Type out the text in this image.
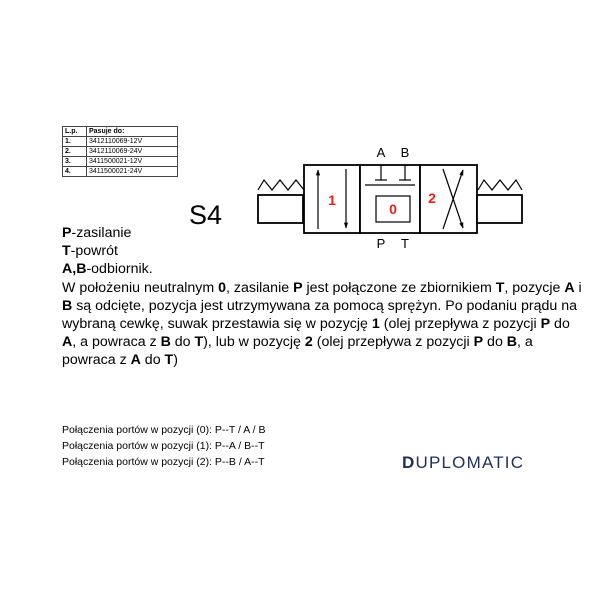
L.p.	Pasuje do:
1.	3412110069-12V
2.	3412110069-24V
3.	3411500021-12V
4.	3411500021-24V
1
0
2
A B
P T
S4

P-zasilanie

T-powrót

A,B-odbiornik.

W położeniu neutralnym 0, zasilanie P jest połączone ze zbiornikiem T, pozycje A i B są odcięte, pozycja jest utrzymywana za pomocą sprężyn. Po podaniu prądu na wybraną cewkę, suwak przestawia się w pozycję 1 (olej przepływa z pozycji P do A, a powraca z B do T), lub w pozycję 2 (olej przepływa z pozycji P do B, a powraca z A do T)

Połączenia portów w pozycji (0): P--T / A / B

Połączenia portów w pozycji (1): P--A / B--T

Połączenia portów w pozycji (2): P--B / A--T	DUPLOMATIC
